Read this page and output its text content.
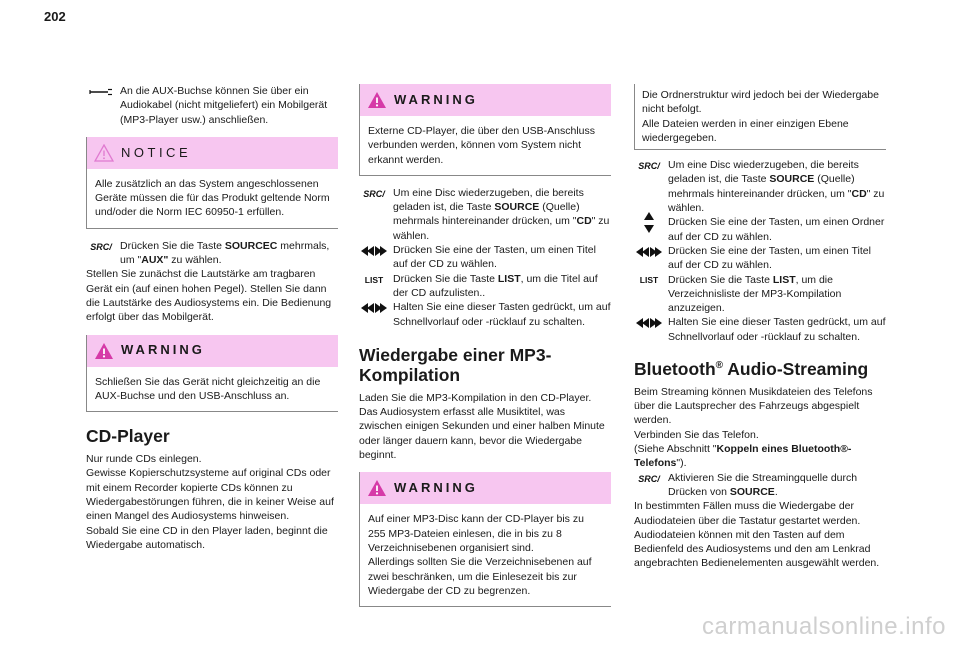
202

An die AUX-Buchse können Sie über ein Audiokabel (nicht mitgeliefert) ein Mobilgerät (MP3-Player usw.) anschließen.

NOTICE
Alle zusätzlich an das System angeschlossenen Geräte müssen die für das Produkt geltende Norm und/oder die Norm IEC 60950-1 erfüllen.

SRC / Drücken Sie die Taste SOURCEC mehrmals, um "AUX" zu wählen.

Stellen Sie zunächst die Lautstärke am tragbaren Gerät ein (auf einen hohen Pegel). Stellen Sie dann die Lautstärke des Audiosystems ein. Die Bedienung erfolgt über das Mobilgerät.

WARNING
Schließen Sie das Gerät nicht gleichzeitig an die AUX-Buchse und den USB-Anschluss an.
CD-Player

Nur runde CDs einlegen.
Gewisse Kopierschutzsysteme auf original CDs oder mit einem Recorder kopierte CDs können zu Wiedergabestörungen führen, die in keiner Weise auf einen Mangel des Audiosystems hinweisen.
Sobald Sie eine CD in den Player laden, beginnt die Wiedergabe automatisch.

WARNING
Externe CD-Player, die über den USB-Anschluss verbunden werden, können vom System nicht erkannt werden.

SRC / Um eine Disc wiederzugeben, die bereits geladen ist, die Taste SOURCE (Quelle) mehrmals hintereinander drücken, um "CD" zu wählen.

Drücken Sie eine der Tasten, um einen Titel auf der CD zu wählen.

LIST Drücken Sie die Taste LIST, um die Titel auf der CD aufzulisten..

Halten Sie eine dieser Tasten gedrückt, um auf Schnellvorlauf oder -rücklauf zu schalten.

Wiedergabe einer MP3-Kompilation

Laden Sie die MP3-Kompilation in den CD-Player.
Das Audiosystem erfasst alle Musiktitel, was zwischen einigen Sekunden und einer halben Minute oder länger dauern kann, bevor die Wiedergabe beginnt.

WARNING
Auf einer MP3-Disc kann der CD-Player bis zu 255 MP3-Dateien einlesen, die in bis zu 8 Verzeichnisebenen organisiert sind.
Allerdings sollten Sie die Verzeichnisebenen auf zwei beschränken, um die Einlesezeit bis zur Wiedergabe der CD zu begrenzen.
Die Ordnerstruktur wird jedoch bei der Wiedergabe nicht befolgt.
Alle Dateien werden in einer einzigen Ebene wiedergegeben.

SRC / Um eine Disc wiederzugeben, die bereits geladen ist, die Taste SOURCE (Quelle) mehrmals hintereinander drücken, um "CD" zu wählen.

Drücken Sie eine der Tasten, um einen Ordner auf der CD zu wählen.

Drücken Sie eine der Tasten, um einen Titel auf der CD zu wählen.

LIST Drücken Sie die Taste LIST, um die Verzeichnisliste der MP3-Kompilation anzuzeigen.

Halten Sie eine dieser Tasten gedrückt, um auf Schnellvorlauf oder -rücklauf zu schalten.

Bluetooth® Audio-Streaming

Beim Streaming können Musikdateien des Telefons über die Lautsprecher des Fahrzeugs abgespielt werden.
Verbinden Sie das Telefon.
(Siehe Abschnitt "Koppeln eines Bluetooth®-Telefons").

SRC / Aktivieren Sie die Streamingquelle durch Drücken von SOURCE.

In bestimmten Fällen muss die Wiedergabe der Audiodateien über die Tastatur gestartet werden.
Audiodateien können mit den Tasten auf dem Bedienfeld des Audiosystems und den am Lenkrad angebrachten Bedienelementen ausgewählt werden.

carmanualsonline.info
